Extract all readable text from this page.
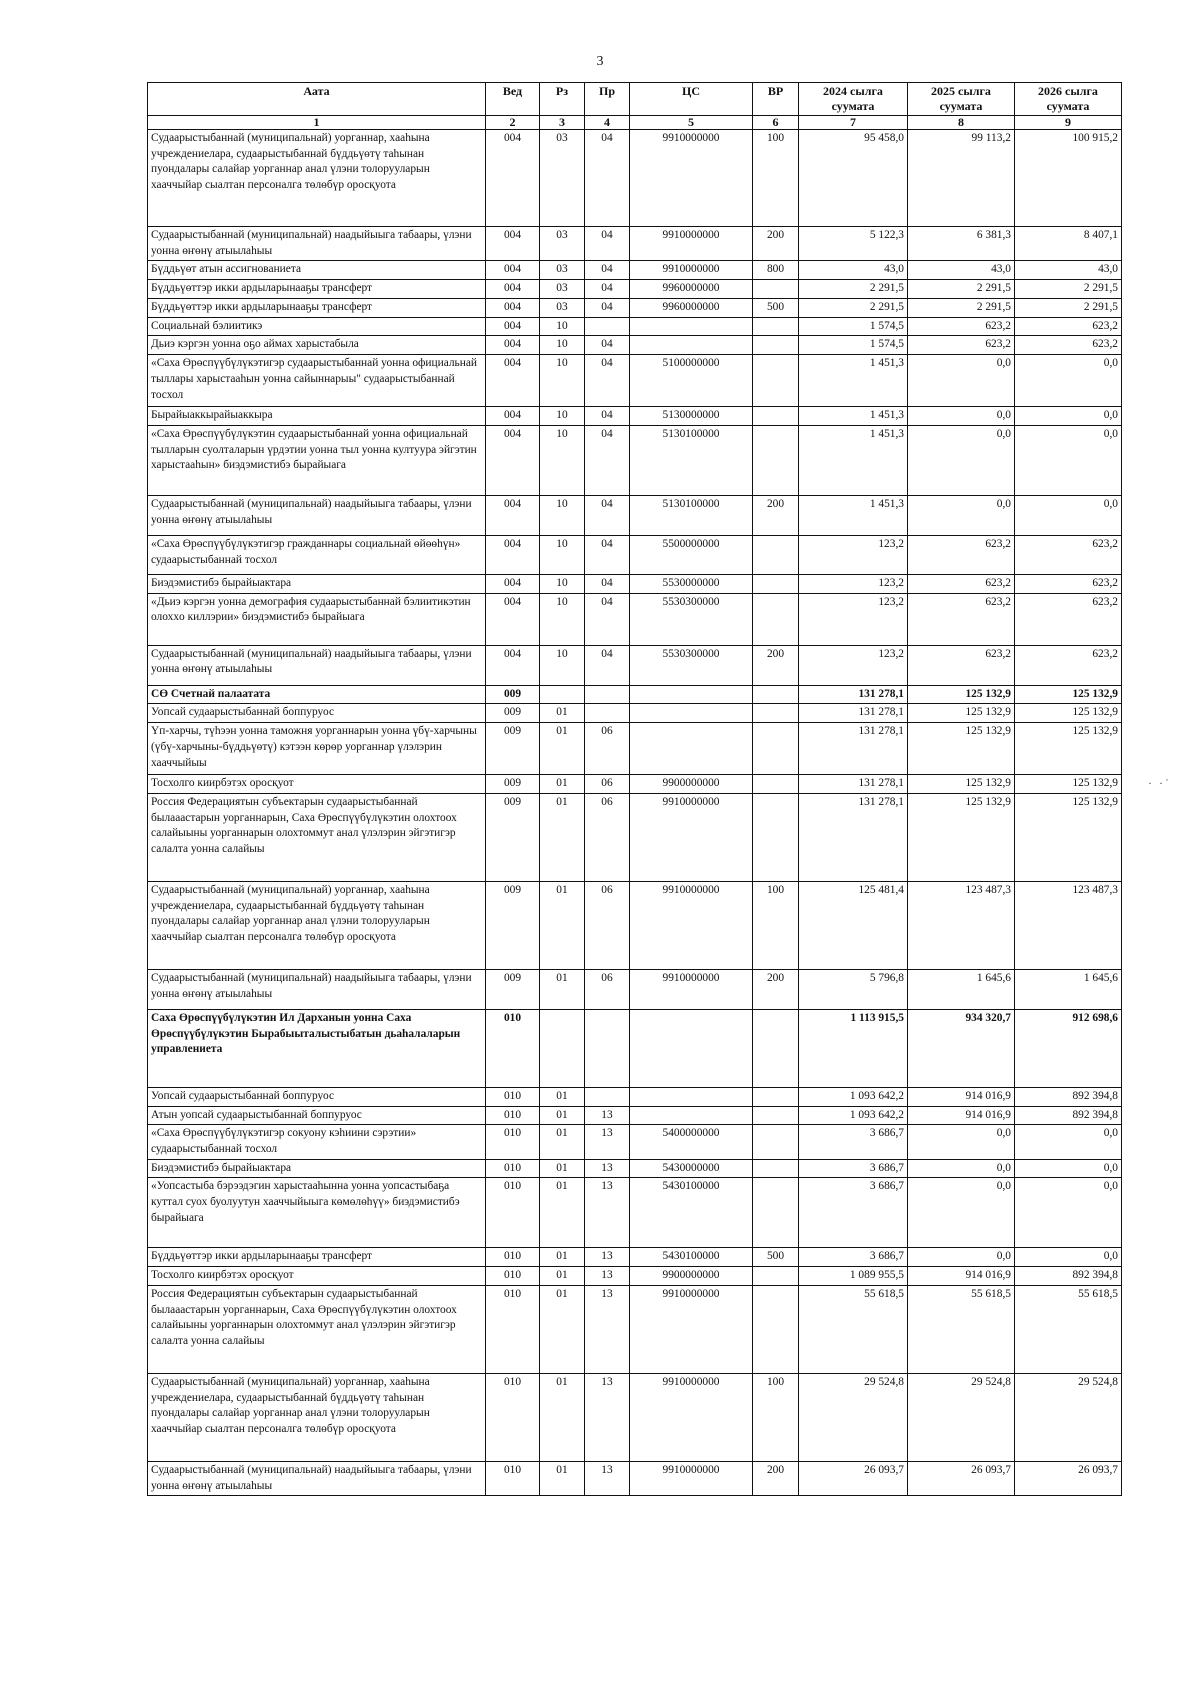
3
Аата	Вед	Рз	Пр	ЦС	ВР	2024 сылга суумата	2025 сылга суумата	2026 сылга суумата
1	2	3	4	5	6	7	8	9
Судаарыстыбаннай (муниципальнай) уорганнар, хааһына учреждениелара, судаарыстыбаннай бүддьүөтү таһынан пуондалары салайар уорганнар анал үлэни толорууларын хааччыйар сыалтан персоналга төлөбүр оросқуота	004	03	04	9910000000	100	95 458,0	99 113,2	100 915,2
Судаарыстыбаннай (муниципальнай) наадыйыыга табаары, үлэни уонна өҥөнү атыылаһыы	004	03	04	9910000000	200	5 122,3	6 381,3	8 407,1
Бүддьүөт атын ассигнованиета	004	03	04	9910000000	800	43,0	43,0	43,0
Бүддьүөттэр икки ардыларынааҕы трансферт	004	03	04	9960000000		2 291,5	2 291,5	2 291,5
Бүддьүөттэр икки ардыларынааҕы трансферт	004	03	04	9960000000	500	2 291,5	2 291,5	2 291,5
Социальнай бэлиитикэ	004	10				1 574,5	623,2	623,2
Дьиэ кэргэн уонна оҕо аймах харыстабыла	004	10	04			1 574,5	623,2	623,2
«Саха Өрөспүүбүлүкэтигэр судаарыстыбаннай уонна официальнай тыллары харыстааһын уонна сайыннарыы" судаарыстыбаннай тосхол	004	10	04	5100000000		1 451,3	0,0	0,0
Бырайыаккырайыаккыра	004	10	04	5130000000		1 451,3	0,0	0,0
«Саха Өрөспүүбүлүкэтин судаарыстыбаннай уонна официальнай тылларын суолталарын үрдэтии уонна тыл уонна култуура эйгэтин харыстааһын» биэдэмистибэ бырайыага	004	10	04	5130100000		1 451,3	0,0	0,0
Судаарыстыбаннай (муниципальнай) наадыйыыга табаары, үлэни уонна өҥөнү атыылаһыы	004	10	04	5130100000	200	1 451,3	0,0	0,0
«Саха Өрөспүүбүлүкэтигэр гражданнары социальнай өйөөһүн» судаарыстыбаннай тосхол	004	10	04	5500000000		123,2	623,2	623,2
Биэдэмистибэ бырайыактара	004	10	04	5530000000		123,2	623,2	623,2
«Дьиэ кэргэн уонна демография судаарыстыбаннай бэлиитикэтин олохxo киллэрии» биэдэмистибэ бырайыага	004	10	04	5530300000		123,2	623,2	623,2
Судаарыстыбаннай (муниципальнай) наадыйыыга табаары, үлэни уонна өҥөнү атыылаһыы	004	10	04	5530300000	200	123,2	623,2	623,2
СӨ Счетнай палаатата	009					131 278,1	125 132,9	125 132,9
Уопсай судаарыстыбаннай боппуруос	009	01				131 278,1	125 132,9	125 132,9
Үп-харчы, түһээн уонна таможня уорганнарын уонна үбү-харчыны (үбү-харчыны-бүддьүөтү) кэтээн көрөр уорганнар үлэлэрин хааччыйыы	009	01	06			131 278,1	125 132,9	125 132,9
Тосхолго киирбэтэх оросқуот	009	01	06	9900000000		131 278,1	125 132,9	125 132,9
Россия Федерациятын субъектарын судаарыстыбаннай былааастарын уорганнарын, Саха Өрөспүүбүлүкэтин олохтоох салайыыны уорганнарын олохтоммут анал үлэлэрин эйгэтигэр салалта уонна салайыы	009	01	06	9910000000		131 278,1	125 132,9	125 132,9
Судаарыстыбаннай (муниципальнай) уорганнар, хааһына учреждениелара, судаарыстыбаннай бүддьүөтү таһынан пуондалары салайар уорганнар анал үлэни толорууларын хааччыйар сыалтан персоналга төлөбүр оросқуота	009	01	06	9910000000	100	125 481,4	123 487,3	123 487,3
Судаарыстыбаннай (муниципальнай) наадыйыыга табаары, үлэни уонна өҥөнү атыылаһыы	009	01	06	9910000000	200	5 796,8	1 645,6	1 645,6
Саха Өрөспүүбүлүкэтин Ил Дарханын уонна Саха Өрөспүүбүлүкэтин Бырабыыталыстыбатын дьаһалаларын управлениета	010					1 113 915,5	934 320,7	912 698,6
Уопсай судаарыстыбаннай боппуруос	010	01				1 093 642,2	914 016,9	892 394,8
Атын уопсай судаарыстыбаннай боппуруос	010	01	13			1 093 642,2	914 016,9	892 394,8
«Саха Өрөспүүбүлүкэтигэр сокуону кэһиини сэрэтии» судаарыстыбаннай тосхол	010	01	13	5400000000		3 686,7	0,0	0,0
Биэдэмистибэ бырайыактара	010	01	13	5430000000		3 686,7	0,0	0,0
«Уопсастыба бэрээдэгин харыстааһынна уонна уопсастыбаҕа куттал суох буолуутун хааччыйыыга көмөлөһүү» биэдэмистибэ бырайыага	010	01	13	5430100000		3 686,7	0,0	0,0
Бүддьүөттэр икки ардыларынааҕы трансферт	010	01	13	5430100000	500	3 686,7	0,0	0,0
Тосхолго киирбэтэх оросқуот	010	01	13	9900000000		1 089 955,5	914 016,9	892 394,8
Россия Федерациятын субъектарын судаарыстыбаннай былааастарын уорганнарын, Саха Өрөспүүбүлүкэтин олохтоох салайыыны уорганнарын олохтоммут анал үлэлэрин эйгэтигэр салалта уонна салайыы	010	01	13	9910000000		55 618,5	55 618,5	55 618,5
Судаарыстыбаннай (муниципальнай) уорганнар, хааһына учреждениелара, судаарыстыбаннай бүддьүөтү таһынан пуондалары салайар уорганнар анал үлэни толорууларын хааччыйар сыалтан персоналга төлөбүр оросқуота	010	01	13	9910000000	100	29 524,8	29 524,8	29 524,8
Судаарыстыбаннай (муниципальнай) наадыйыыга табаары, үлэни уонна өҥөнү атыылаһыы	010	01	13	9910000000	200	26 093,7	26 093,7	26 093,7
· ·˙
